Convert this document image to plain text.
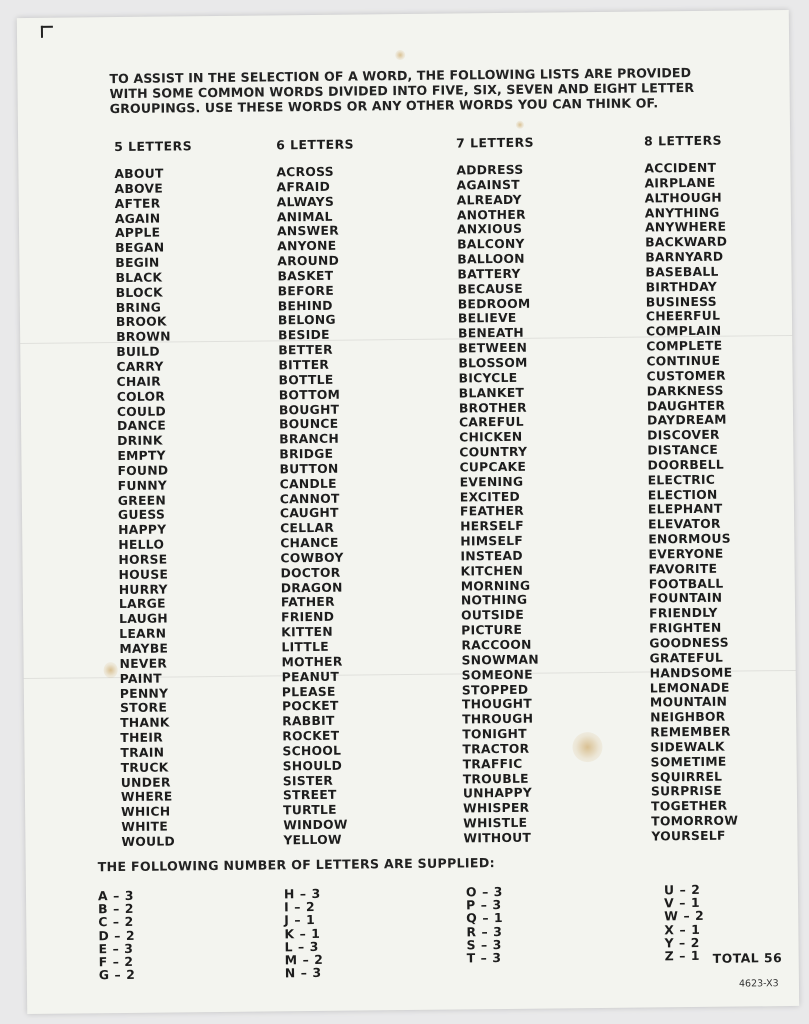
TO ASSIST IN THE SELECTION OF A WORD, THE FOLLOWING LISTS ARE PROVIDED WITH SOME COMMON WORDS DIVIDED INTO FIVE, SIX, SEVEN AND EIGHT LETTER GROUPINGS. USE THESE WORDS OR ANY OTHER WORDS YOU CAN THINK OF.
5 LETTERS
ABOUT
ABOVE
AFTER
AGAIN
APPLE
BEGAN
BEGIN
BLACK
BLOCK
BRING
BROOK
BROWN
BUILD
CARRY
CHAIR
COLOR
COULD
DANCE
DRINK
EMPTY
FOUND
FUNNY
GREEN
GUESS
HAPPY
HELLO
HORSE
HOUSE
HURRY
LARGE
LAUGH
LEARN
MAYBE
NEVER
PAINT
PENNY
STORE
THANK
THEIR
TRAIN
TRUCK
UNDER
WHERE
WHICH
WHITE
WOULD
6 LETTERS
ACROSS
AFRAID
ALWAYS
ANIMAL
ANSWER
ANYONE
AROUND
BASKET
BEFORE
BEHIND
BELONG
BESIDE
BETTER
BITTER
BOTTLE
BOTTOM
BOUGHT
BOUNCE
BRANCH
BRIDGE
BUTTON
CANDLE
CANNOT
CAUGHT
CELLAR
CHANCE
COWBOY
DOCTOR
DRAGON
FATHER
FRIEND
KITTEN
LITTLE
MOTHER
PEANUT
PLEASE
POCKET
RABBIT
ROCKET
SCHOOL
SHOULD
SISTER
STREET
TURTLE
WINDOW
YELLOW
7 LETTERS
ADDRESS
AGAINST
ALREADY
ANOTHER
ANXIOUS
BALCONY
BALLOON
BATTERY
BECAUSE
BEDROOM
BELIEVE
BENEATH
BETWEEN
BLOSSOM
BICYCLE
BLANKET
BROTHER
CAREFUL
CHICKEN
COUNTRY
CUPCAKE
EVENING
EXCITED
FEATHER
HERSELF
HIMSELF
INSTEAD
KITCHEN
MORNING
NOTHING
OUTSIDE
PICTURE
RACCOON
SNOWMAN
SOMEONE
STOPPED
THOUGHT
THROUGH
TONIGHT
TRACTOR
TRAFFIC
TROUBLE
UNHAPPY
WHISPER
WHISTLE
WITHOUT
8 LETTERS
ACCIDENT
AIRPLANE
ALTHOUGH
ANYTHING
ANYWHERE
BACKWARD
BARNYARD
BASEBALL
BIRTHDAY
BUSINESS
CHEERFUL
COMPLAIN
COMPLETE
CONTINUE
CUSTOMER
DARKNESS
DAUGHTER
DAYDREAM
DISCOVER
DISTANCE
DOORBELL
ELECTRIC
ELECTION
ELEPHANT
ELEVATOR
ENORMOUS
EVERYONE
FAVORITE
FOOTBALL
FOUNTAIN
FRIENDLY
FRIGHTEN
GOODNESS
GRATEFUL
HANDSOME
LEMONADE
MOUNTAIN
NEIGHBOR
REMEMBER
SIDEWALK
SOMETIME
SQUIRREL
SURPRISE
TOGETHER
TOMORROW
YOURSELF
THE FOLLOWING NUMBER OF LETTERS ARE SUPPLIED:
A – 3
B – 2
C – 2
D – 2
E – 3
F – 2
G – 2
H – 3
I – 2
J – 1
K – 1
L – 3
M – 2
N – 3
O – 3
P – 3
Q – 1
R – 3
S – 3
T – 3
U – 2
V – 1
W – 2
X – 1
Y – 2
Z – 1	TOTAL 56
4623-X3
